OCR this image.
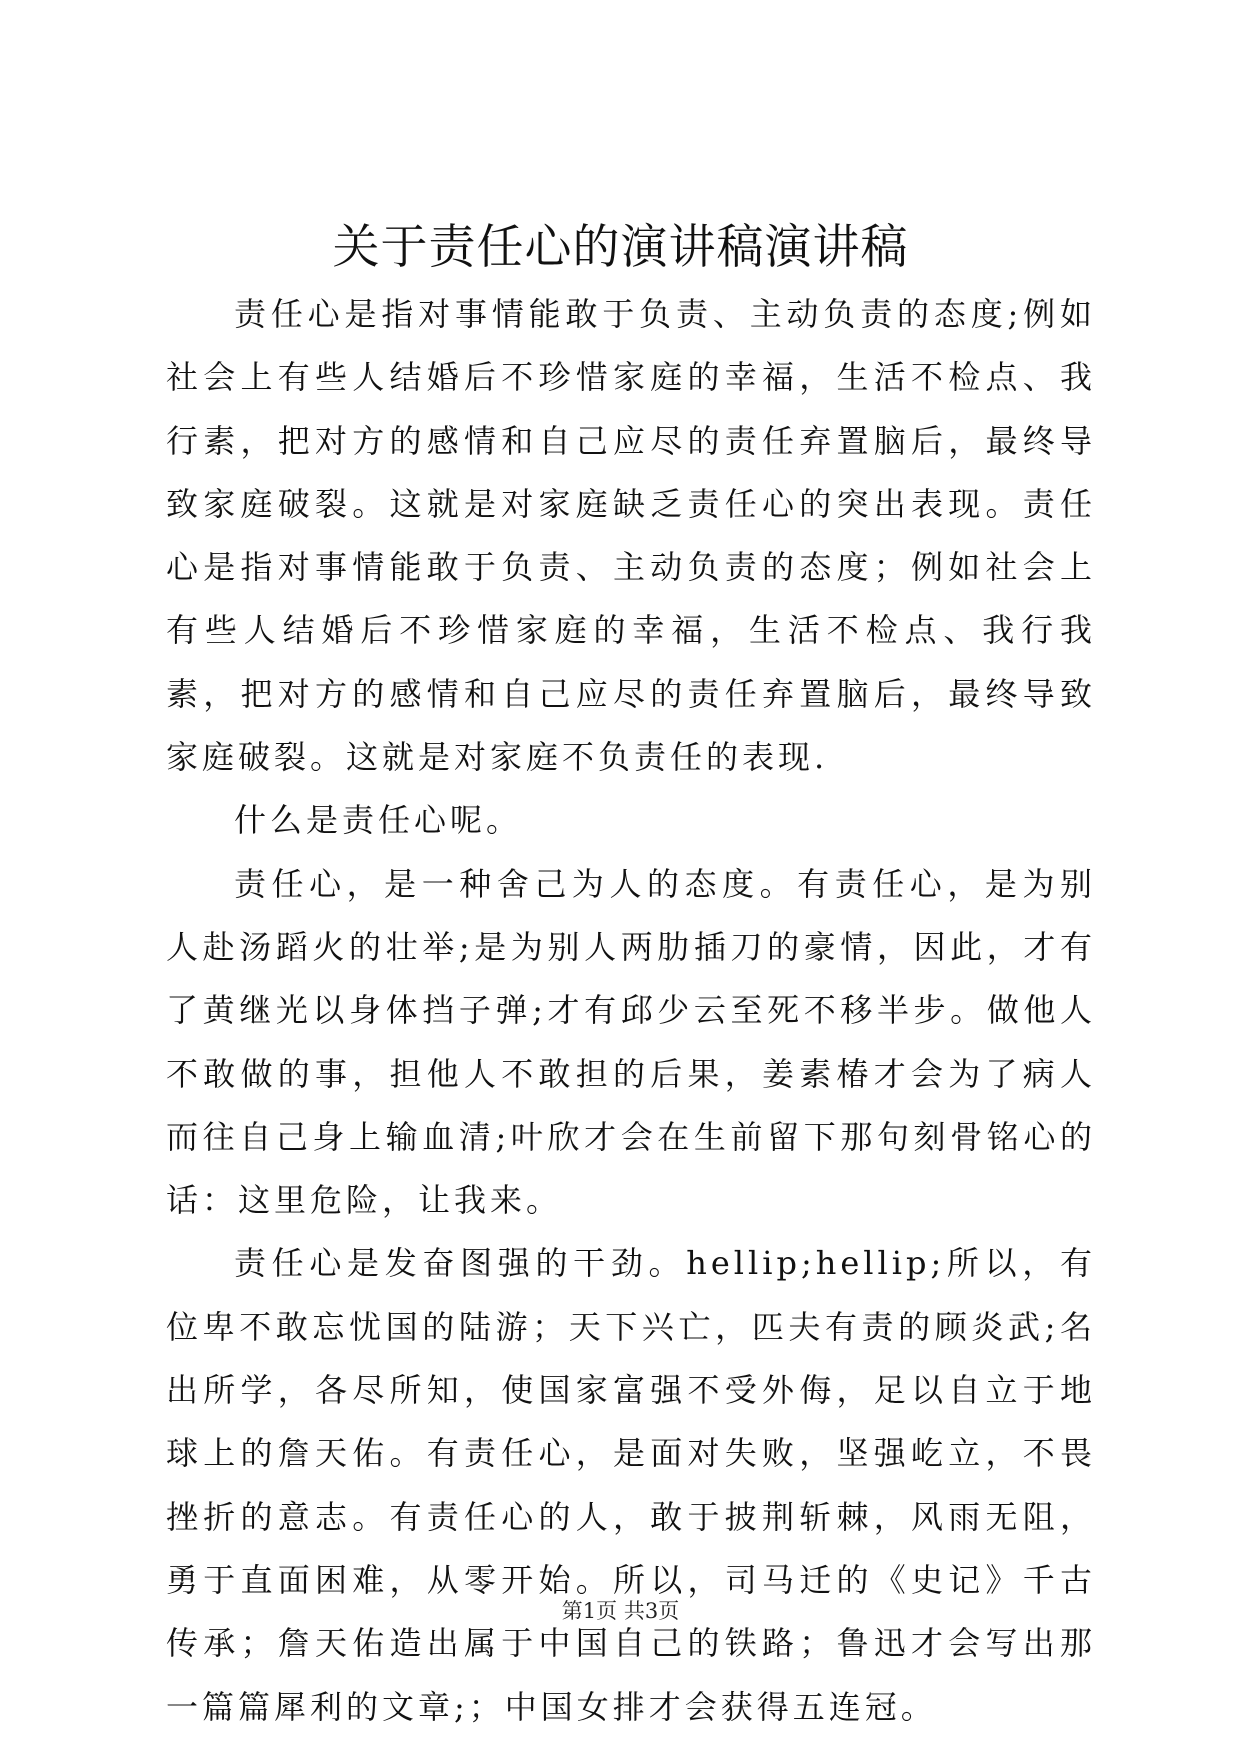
关于责任心的演讲稿演讲稿

责任心是指对事情能敢于负责、主动负责的态度;例如社会上有些人结婚后不珍惜家庭的幸福，生活不检点、我行素，把对方的感情和自己应尽的责任弃置脑后，最终导致家庭破裂。这就是对家庭缺乏责任心的突出表现。责任心是指对事情能敢于负责、主动负责的态度；例如社会上有些人结婚后不珍惜家庭的幸福，生活不检点、我行我素，把对方的感情和自己应尽的责任弃置脑后，最终导致家庭破裂。这就是对家庭不负责任的表现.

什么是责任心呢。

责任心，是一种舍己为人的态度。有责任心，是为别人赴汤蹈火的壮举;是为别人两肋插刀的豪情，因此，才有了黄继光以身体挡子弹;才有邱少云至死不移半步。做他人不敢做的事，担他人不敢担的后果，姜素椿才会为了病人而往自己身上输血清;叶欣才会在生前留下那句刻骨铭心的话：这里危险，让我来。

责任心是发奋图强的干劲。hellip;hellip;所以，有位卑不敢忘忧国的陆游；天下兴亡，匹夫有责的顾炎武;名出所学，各尽所知，使国家富强不受外侮，足以自立于地球上的詹天佑。有责任心，是面对失败，坚强屹立，不畏挫折的意志。有责任心的人，敢于披荆斩棘，风雨无阻，勇于直面困难，从零开始。所以，司马迁的《史记》千古传承；詹天佑造出属于中国自己的铁路；鲁迅才会写出那一篇篇犀利的文章;；中国女排才会获得五连冠。

第1页 共3页
